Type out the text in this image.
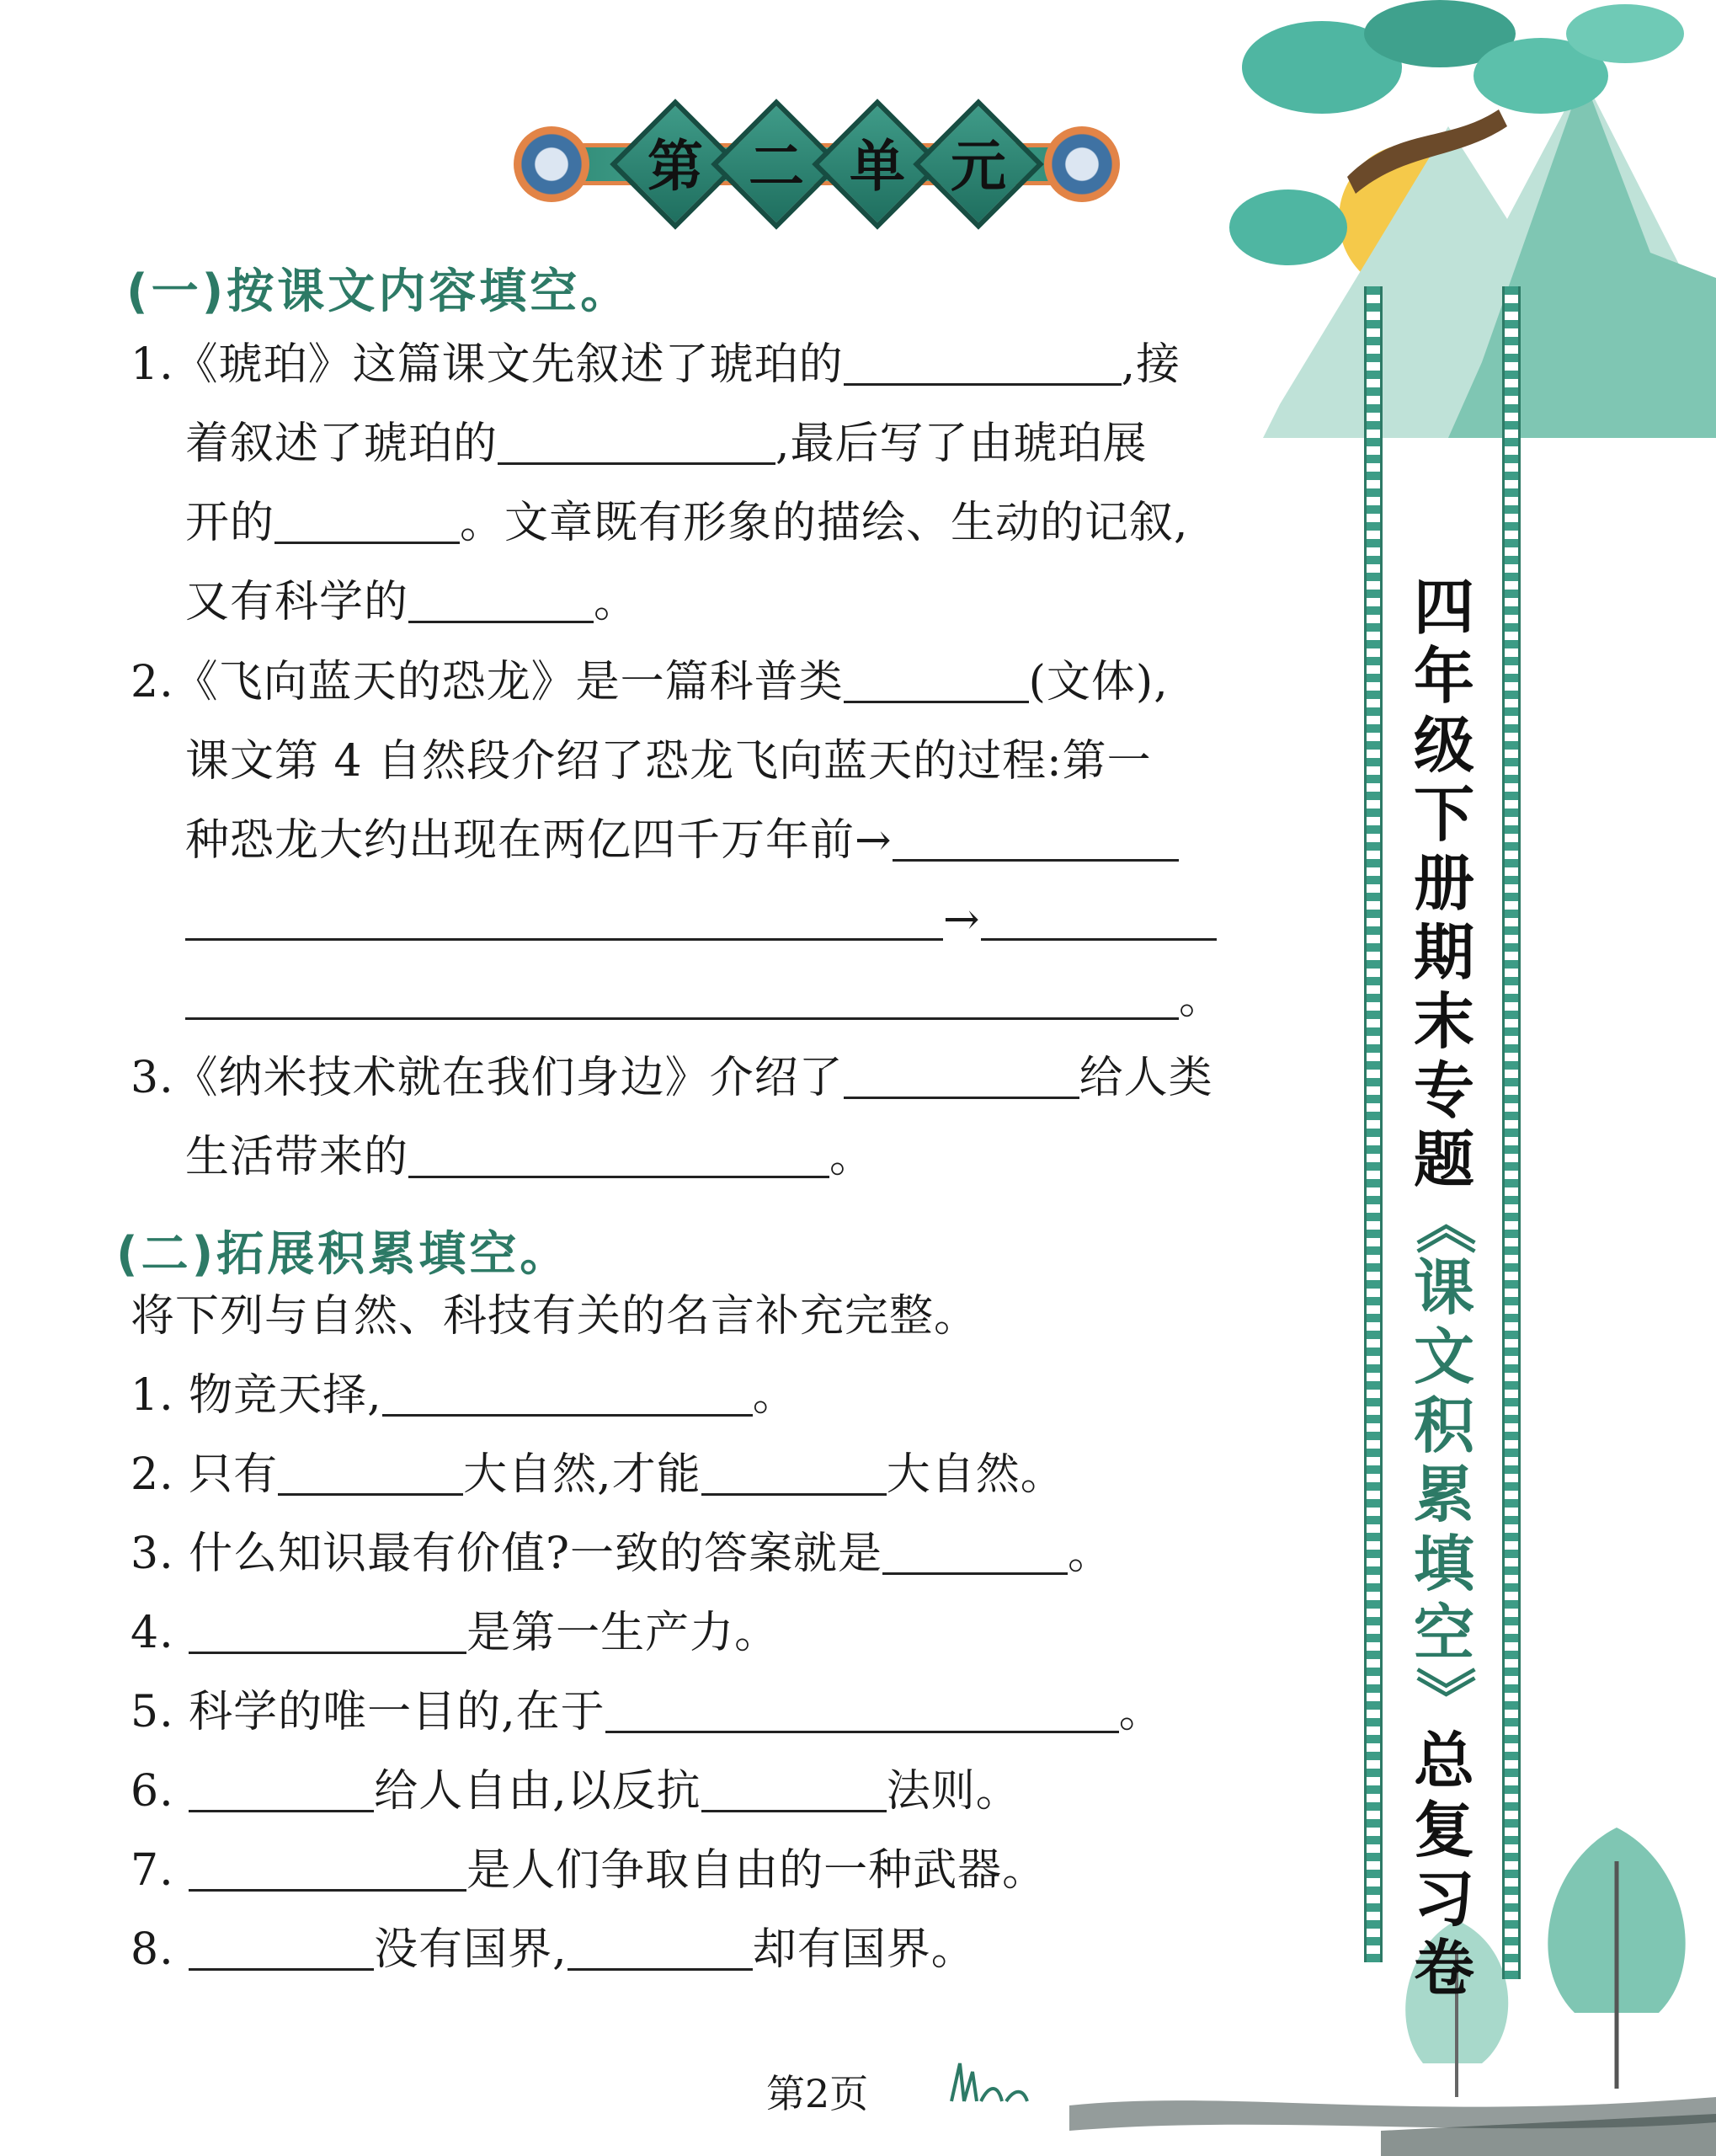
第 二 单 元
(一)按课文内容填空。
1.《琥珀》这篇课文先叙述了琥珀的	,接
着叙述了琥珀的	,最后写了由琥珀展
开的	。文章既有形象的描绘、生动的记叙,
又有科学的	。
2.《飞向蓝天的恐龙》是一篇科普类	(文体),
课文第 4 自然段介绍了恐龙飞向蓝天的过程:第一
种恐龙大约出现在两亿四千万年前→
→
。
3.《纳米技术就在我们身边》介绍了	给人类
生活带来的	。
(二)拓展积累填空。
将下列与自然、科技有关的名言补充完整。
1. 物竞天择,	。
2. 只有	大自然,才能	大自然。
3. 什么知识最有价值?一致的答案就是	。
4.	是第一生产力。
5. 科学的唯一目的,在于	。
6.	给人自由,以反抗	法则。
7.	是人们争取自由的一种武器。
8.	没有国界,	却有国界。
四
年
级
下
册
期
末
专
题
《
课
文
积
累
填
空
》
总
复
习
卷
第2页
